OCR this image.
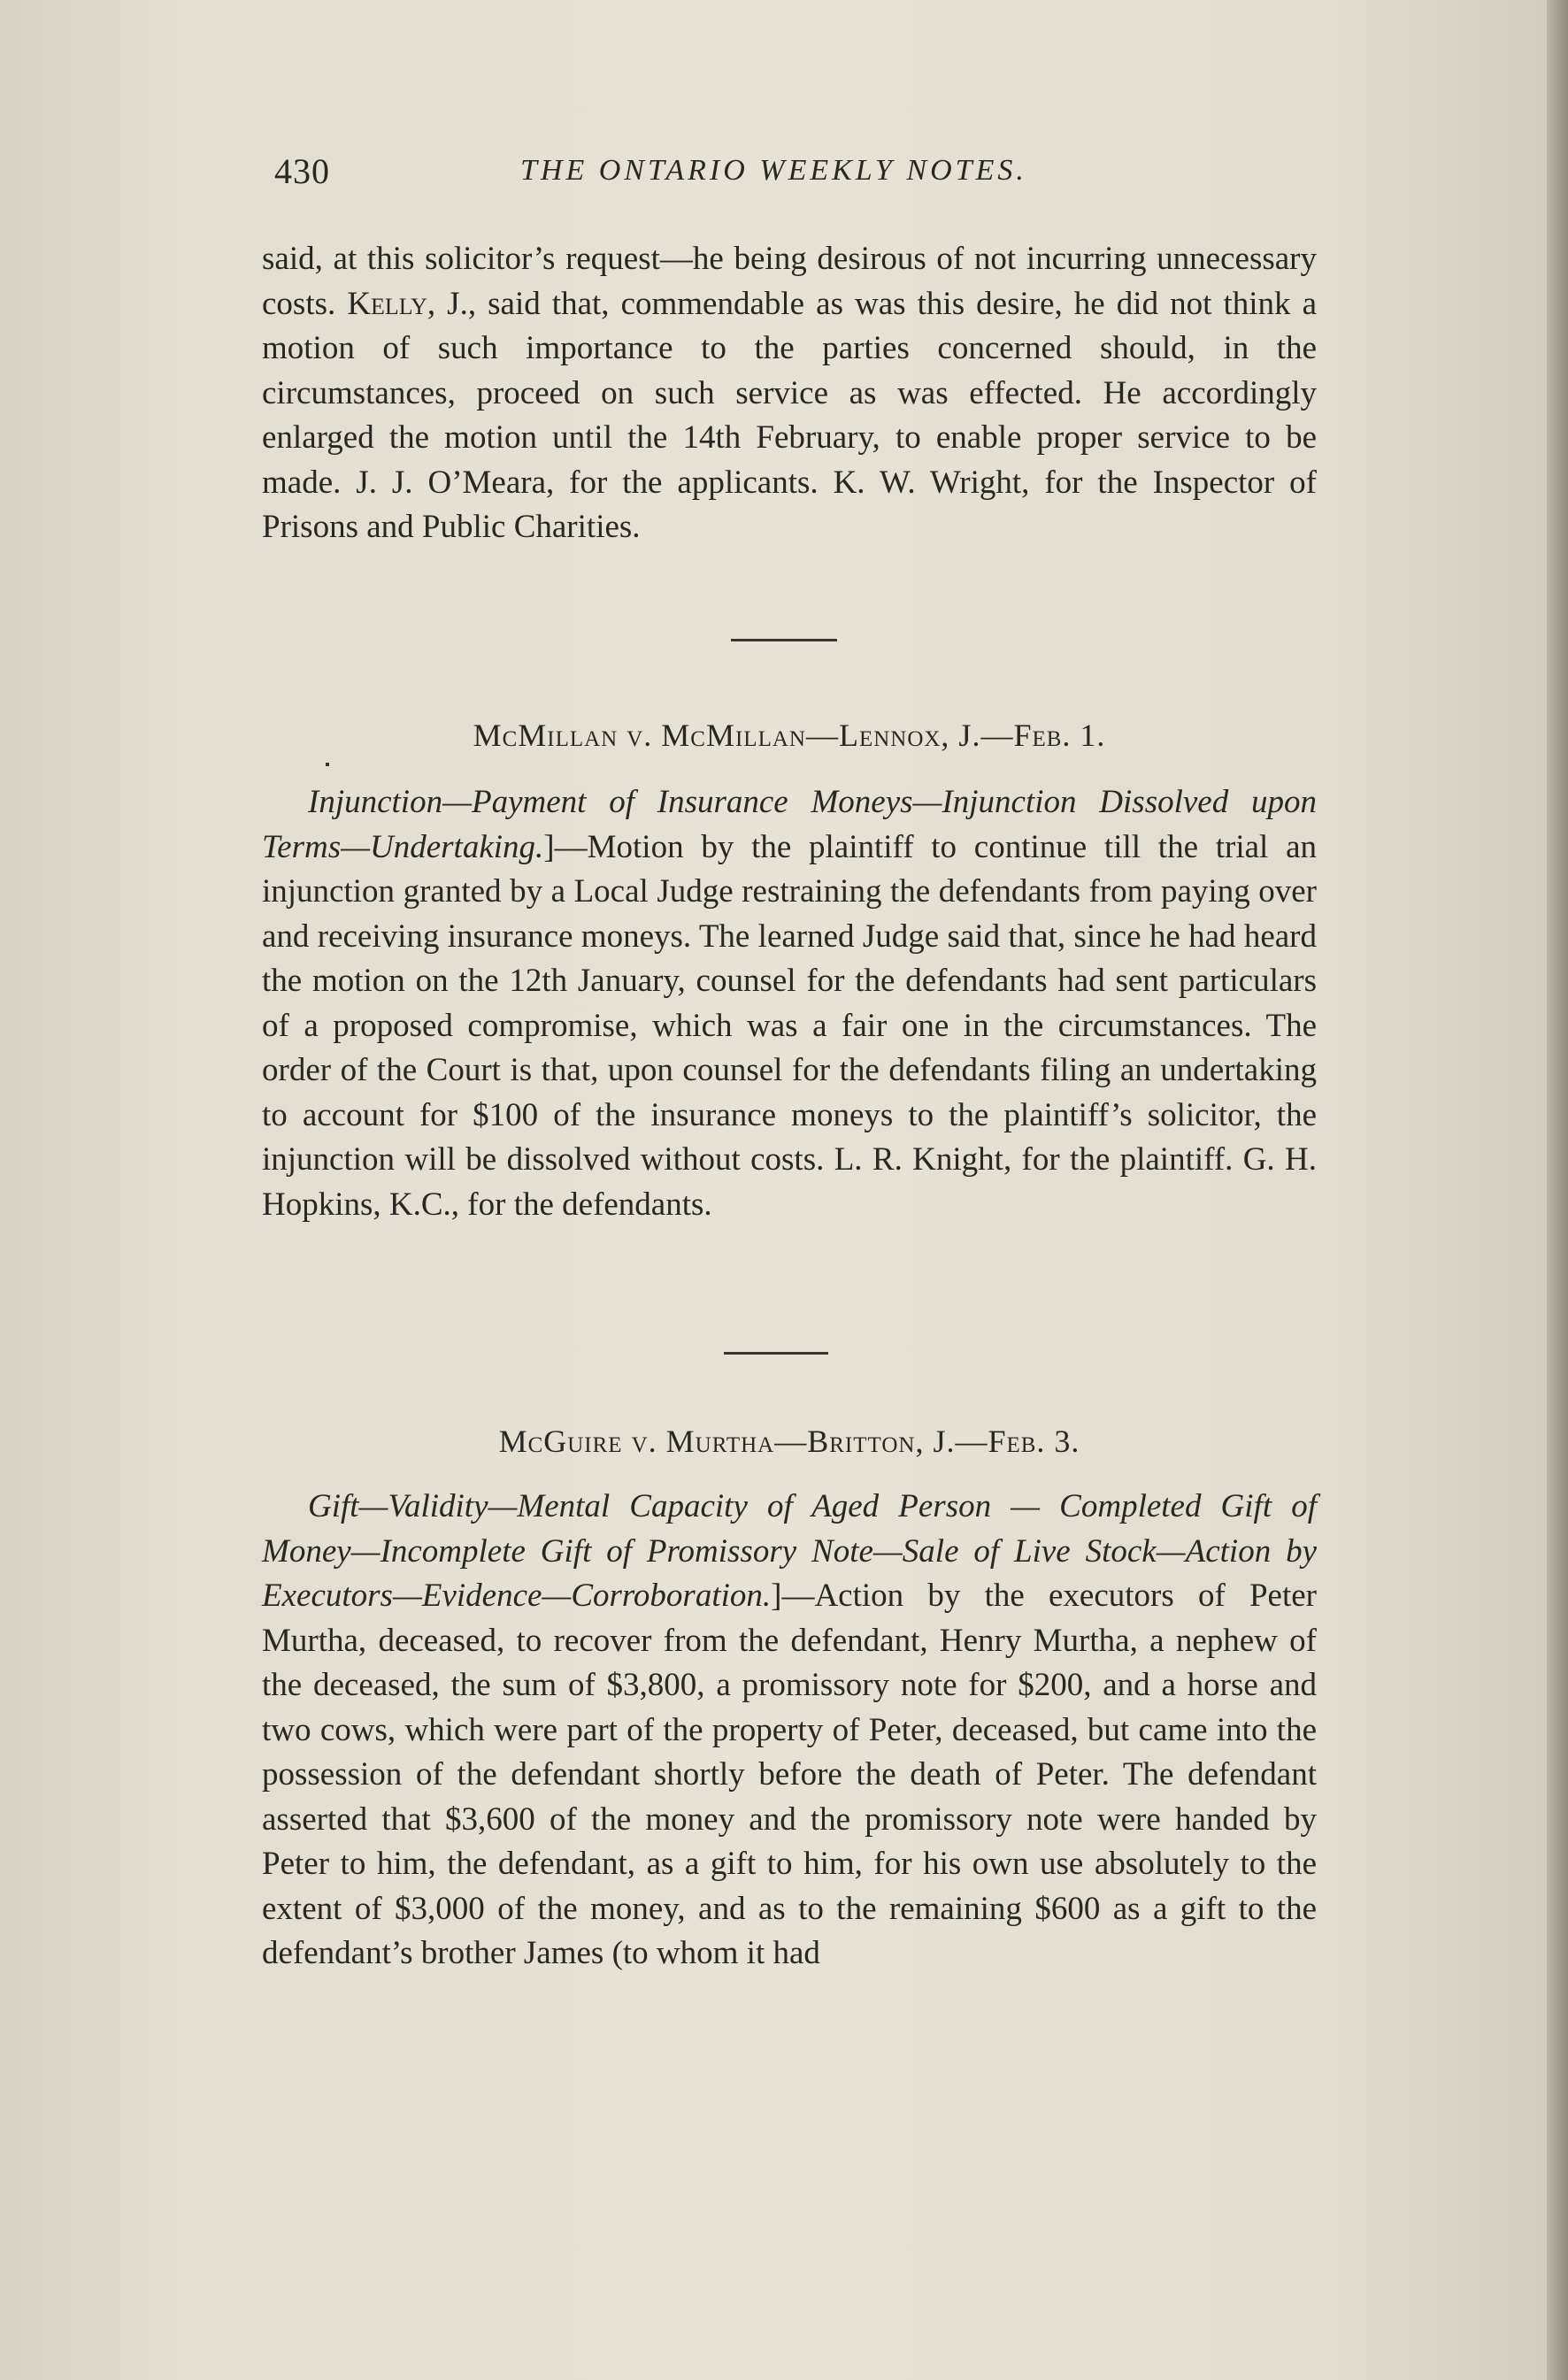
430	THE ONTARIO WEEKLY NOTES.

said, at this solicitor’s request—he being desirous of not incurring unnecessary costs. Kelly, J., said that, commendable as was this desire, he did not think a motion of such importance to the parties concerned should, in the circumstances, proceed on such service as was effected. He accordingly enlarged the motion until the 14th February, to enable proper service to be made. J. J. O’Meara, for the applicants. K. W. Wright, for the Inspector of Prisons and Public Charities.

McMillan v. McMillan—Lennox, J.—Feb. 1.

Injunction—Payment of Insurance Moneys—Injunction Dissolved upon Terms—Undertaking.]—Motion by the plaintiff to continue till the trial an injunction granted by a Local Judge restraining the defendants from paying over and receiving insurance moneys. The learned Judge said that, since he had heard the motion on the 12th January, counsel for the defendants had sent particulars of a proposed compromise, which was a fair one in the circumstances. The order of the Court is that, upon counsel for the defendants filing an undertaking to account for $100 of the insurance moneys to the plaintiff’s solicitor, the injunction will be dissolved without costs. L. R. Knight, for the plaintiff. G. H. Hopkins, K.C., for the defendants.

McGuire v. Murtha—Britton, J.—Feb. 3.

Gift—Validity—Mental Capacity of Aged Person — Completed Gift of Money—Incomplete Gift of Promissory Note—Sale of Live Stock—Action by Executors—Evidence—Corroboration.]—Action by the executors of Peter Murtha, deceased, to recover from the defendant, Henry Murtha, a nephew of the deceased, the sum of $3,800, a promissory note for $200, and a horse and two cows, which were part of the property of Peter, deceased, but came into the possession of the defendant shortly before the death of Peter. The defendant asserted that $3,600 of the money and the promissory note were handed by Peter to him, the defendant, as a gift to him, for his own use absolutely to the extent of $3,000 of the money, and as to the remaining $600 as a gift to the defendant’s brother James (to whom it had
